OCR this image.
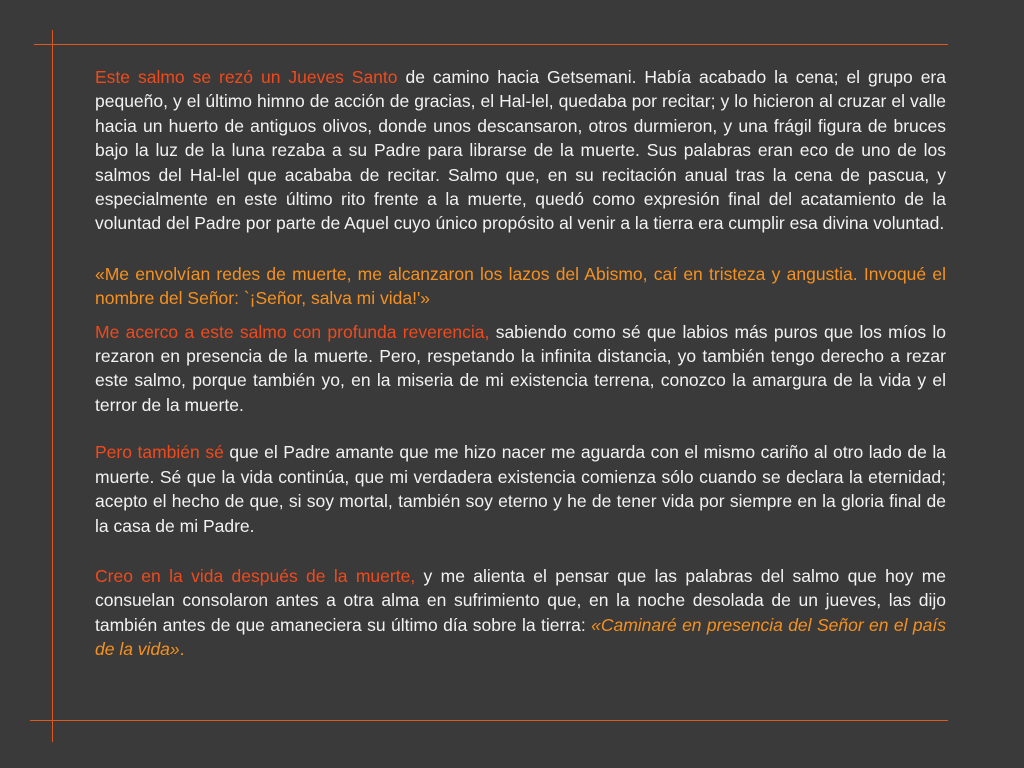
Este salmo se rezó un Jueves Santo de camino hacia Getsemani. Había acabado la cena; el grupo era pequeño, y el último himno de acción de gracias, el Hal-lel, quedaba por recitar; y lo hicieron al cruzar el valle hacia un huerto de antiguos olivos, donde unos descansaron, otros durmieron, y una frágil figura de bruces bajo la luz de la luna rezaba a su Padre para librarse de la muerte. Sus palabras eran eco de uno de los salmos del Hal-lel que acababa de recitar. Salmo que, en su recitación anual tras la cena de pascua, y especialmente en este último rito frente a la muerte, quedó como expresión final del acatamiento de la voluntad del Padre por parte de Aquel cuyo único propósito al venir a la tierra era cumplir esa divina voluntad.

«Me envolvían redes de muerte, me alcanzaron los lazos del Abismo, caí en tristeza y angustia. Invoqué el nombre del Señor: `¡Señor, salva mi vida!'»

Me acerco a este salmo con profunda reverencia, sabiendo como sé que labios más puros que los míos lo rezaron en presencia de la muerte. Pero, respetando la infinita distancia, yo también tengo derecho a rezar este salmo, porque también yo, en la miseria de mi existencia terrena, conozco la amargura de la vida y el terror de la muerte.

Pero también sé que el Padre amante que me hizo nacer me aguarda con el mismo cariño al otro lado de la muerte. Sé que la vida continúa, que mi verdadera existencia comienza sólo cuando se declara la eternidad; acepto el hecho de que, si soy mortal, también soy eterno y he de tener vida por siempre en la gloria final de la casa de mi Padre.

Creo en la vida después de la muerte, y me alienta el pensar que las palabras del salmo que hoy me consuelan consolaron antes a otra alma en sufrimiento que, en la noche desolada de un jueves, las dijo también antes de que amaneciera su último día sobre la tierra: «Caminaré en presencia del Señor en el país de la vida».
